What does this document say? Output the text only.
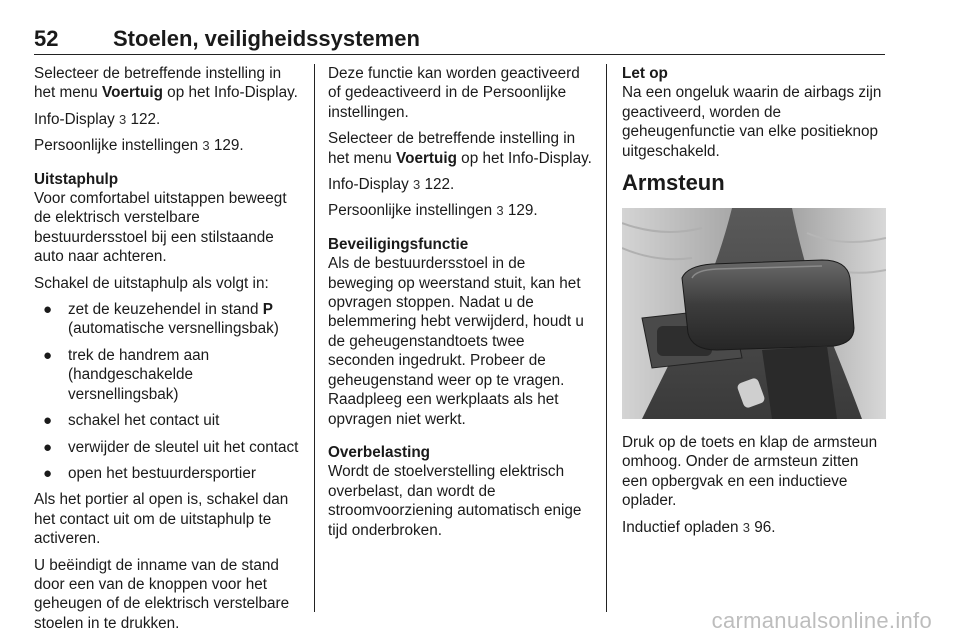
52 Stoelen, veiligheidssystemen

Selecteer de betreffende instelling in het menu Voertuig op het Info-Display.

Info-Display 3 122.

Persoonlijke instellingen 3 129.

Uitstaphulp

Voor comfortabel uitstappen beweegt de elektrisch verstelbare bestuurdersstoel bij een stilstaande auto naar achteren.

Schakel de uitstaphulp als volgt in:

● zet de keuzehendel in stand P (automatische versnellingsbak)
● trek de handrem aan (handgeschakelde versnellingsbak)
● schakel het contact uit
● verwijder de sleutel uit het contact
● open het bestuurdersportier

Als het portier al open is, schakel dan het contact uit om de uitstaphulp te activeren.

U beëindigt de inname van de stand door een van de knoppen voor het geheugen of de elektrisch verstelbare stoelen in te drukken.

Deze functie kan worden geactiveerd of gedeactiveerd in de Persoonlijke instellingen.

Selecteer de betreffende instelling in het menu Voertuig op het Info-Display.

Info-Display 3 122.

Persoonlijke instellingen 3 129.

Beveiligingsfunctie

Als de bestuurdersstoel in de beweging op weerstand stuit, kan het opvragen stoppen. Nadat u de belemmering hebt verwijderd, houdt u de geheugenstandtoets twee seconden ingedrukt. Probeer de geheugenstand weer op te vragen. Raadpleeg een werkplaats als het opvragen niet werkt.

Overbelasting

Wordt de stoelverstelling elektrisch overbelast, dan wordt de stroomvoorziening automatisch enige tijd onderbroken.

Let op

Na een ongeluk waarin de airbags zijn geactiveerd, worden de geheugenfunctie van elke positieknop uitgeschakeld.

Armsteun

Druk op de toets en klap de armsteun omhoog. Onder de armsteun zitten een opbergvak en een inductieve oplader.

Inductief opladen 3 96.

carmanualsonline.info
